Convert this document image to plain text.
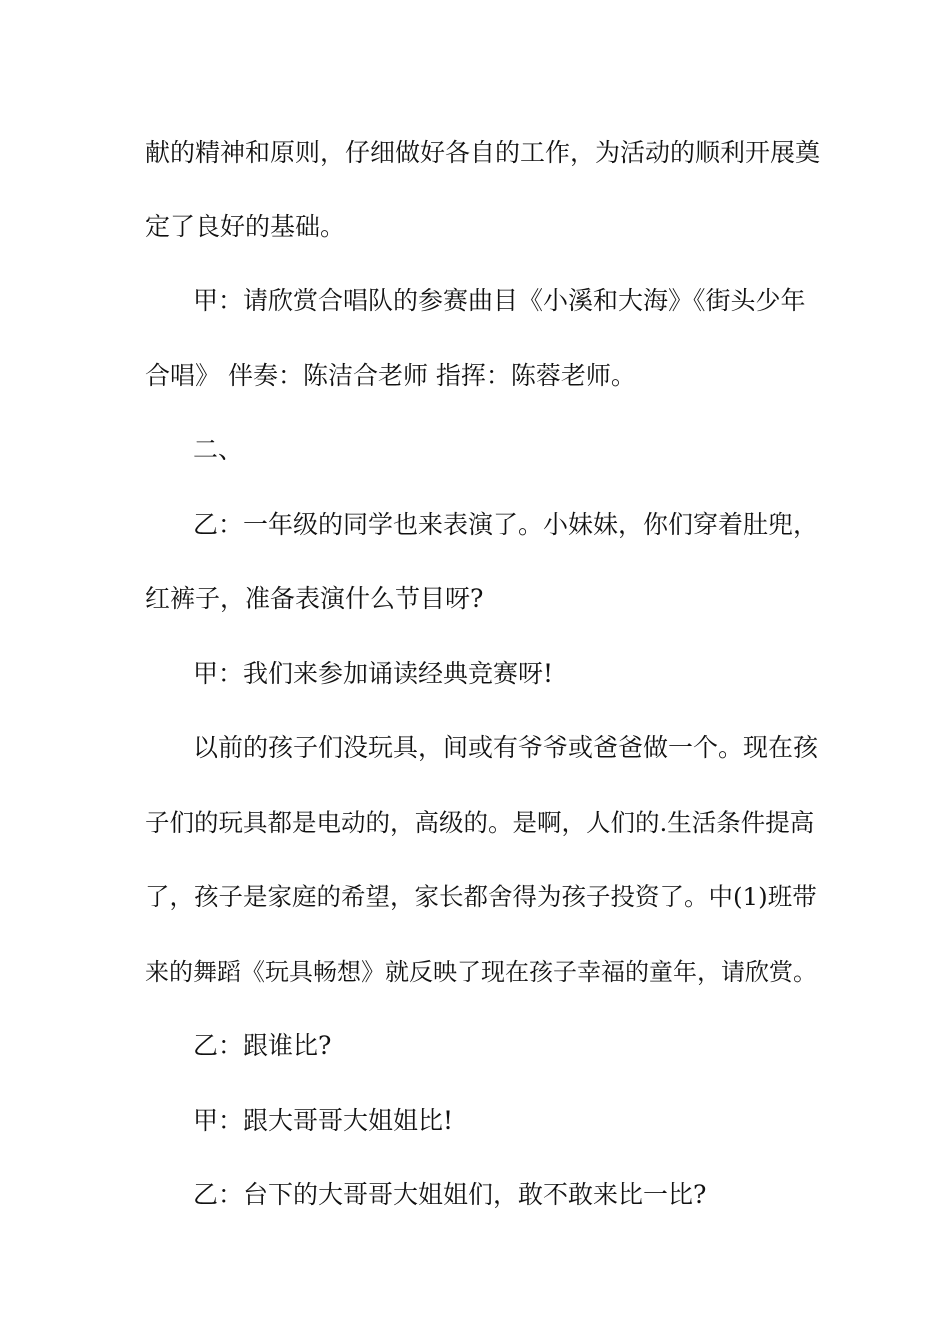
献的精神和原则，仔细做好各自的工作，为活动的顺利开展奠
定了良好的基础。
甲：请欣赏合唱队的参赛曲目《小溪和大海》《街头少年
合唱》 伴奏：陈洁合老师 指挥：陈蓉老师。
二、
乙：一年级的同学也来表演了。小妹妹，你们穿着肚兜，
红裤子，准备表演什么节目呀?
甲：我们来参加诵读经典竞赛呀!
以前的孩子们没玩具，间或有爷爷或爸爸做一个。现在孩
子们的玩具都是电动的，高级的。是啊，人们的.生活条件提高
了，孩子是家庭的希望，家长都舍得为孩子投资了。中(1)班带
来的舞蹈《玩具畅想》就反映了现在孩子幸福的童年，请欣赏。
乙：跟谁比?
甲：跟大哥哥大姐姐比!
乙：台下的大哥哥大姐姐们，敢不敢来比一比?
